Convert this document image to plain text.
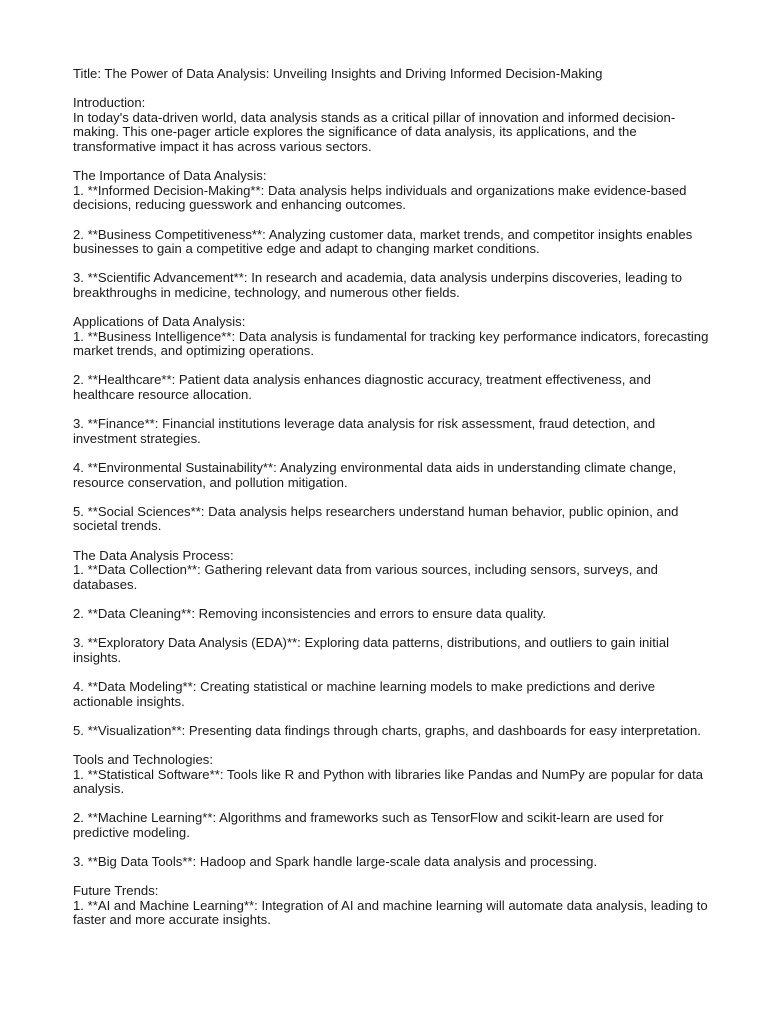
Title: The Power of Data Analysis: Unveiling Insights and Driving Informed Decision-Making

Introduction:

In today's data-driven world, data analysis stands as a critical pillar of innovation and informed decision-making. This one-pager article explores the significance of data analysis, its applications, and the transformative impact it has across various sectors.

The Importance of Data Analysis:

1. **Informed Decision-Making**: Data analysis helps individuals and organizations make evidence-based decisions, reducing guesswork and enhancing outcomes.

2. **Business Competitiveness**: Analyzing customer data, market trends, and competitor insights enables businesses to gain a competitive edge and adapt to changing market conditions.

3. **Scientific Advancement**: In research and academia, data analysis underpins discoveries, leading to breakthroughs in medicine, technology, and numerous other fields.

Applications of Data Analysis:

1. **Business Intelligence**: Data analysis is fundamental for tracking key performance indicators, forecasting market trends, and optimizing operations.

2. **Healthcare**: Patient data analysis enhances diagnostic accuracy, treatment effectiveness, and healthcare resource allocation.

3. **Finance**: Financial institutions leverage data analysis for risk assessment, fraud detection, and investment strategies.

4. **Environmental Sustainability**: Analyzing environmental data aids in understanding climate change, resource conservation, and pollution mitigation.

5. **Social Sciences**: Data analysis helps researchers understand human behavior, public opinion, and societal trends.

The Data Analysis Process:

1. **Data Collection**: Gathering relevant data from various sources, including sensors, surveys, and databases.

2. **Data Cleaning**: Removing inconsistencies and errors to ensure data quality.

3. **Exploratory Data Analysis (EDA)**: Exploring data patterns, distributions, and outliers to gain initial insights.

4. **Data Modeling**: Creating statistical or machine learning models to make predictions and derive actionable insights.

5. **Visualization**: Presenting data findings through charts, graphs, and dashboards for easy interpretation.

Tools and Technologies:

1. **Statistical Software**: Tools like R and Python with libraries like Pandas and NumPy are popular for data analysis.

2. **Machine Learning**: Algorithms and frameworks such as TensorFlow and scikit-learn are used for predictive modeling.

3. **Big Data Tools**: Hadoop and Spark handle large-scale data analysis and processing.

Future Trends:

1. **AI and Machine Learning**: Integration of AI and machine learning will automate data analysis, leading to faster and more accurate insights.
